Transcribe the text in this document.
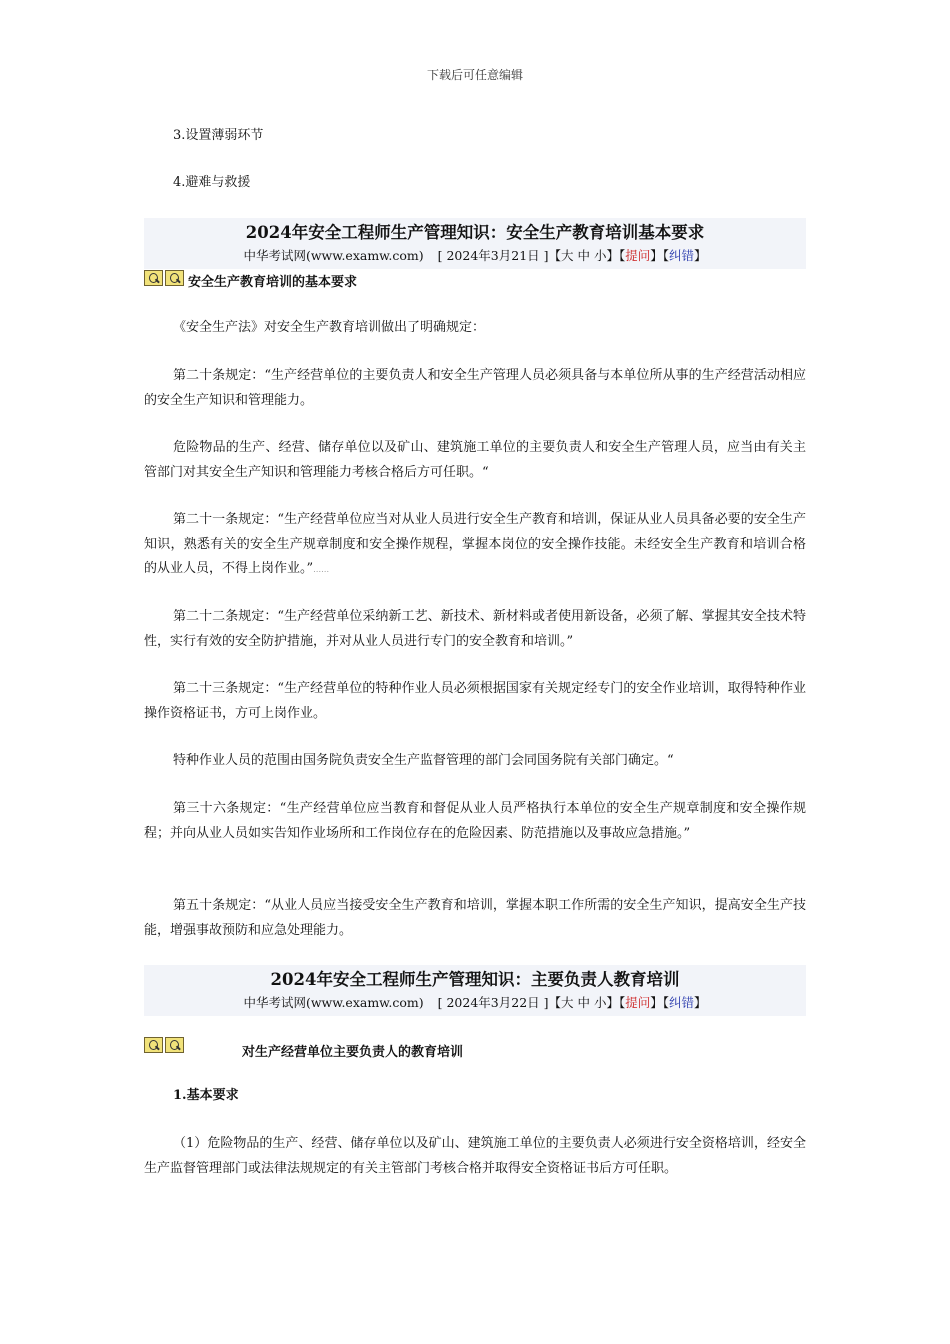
下载后可任意编辑

3.设置薄弱环节

4.避难与救援

2024年安全工程师生产管理知识：安全生产教育培训基本要求
中华考试网(www.examw.com) [ 2024年3月21日 ]【大 中 小】【提问】【纠错】
安全生产教育培训的基本要求

《安全生产法》对安全生产教育培训做出了明确规定：

第二十条规定：“生产经营单位的主要负责人和安全生产管理人员必须具备与本单位所从事的生产经营活动相应的安全生产知识和管理能力。

危险物品的生产、经营、储存单位以及矿山、建筑施工单位的主要负责人和安全生产管理人员，应当由有关主管部门对其安全生产知识和管理能力考核合格后方可任职。“

第二十一条规定：“生产经营单位应当对从业人员进行安全生产教育和培训，保证从业人员具备必要的安全生产知识，熟悉有关的安全生产规章制度和安全操作规程，掌握本岗位的安全操作技能。未经安全生产教育和培训合格的从业人员，不得上岗作业。”……

第二十二条规定：“生产经营单位采纳新工艺、新技术、新材料或者使用新设备，必须了解、掌握其安全技术特性，实行有效的安全防护措施，并对从业人员进行专门的安全教育和培训。”

第二十三条规定：“生产经营单位的特种作业人员必须根据国家有关规定经专门的安全作业培训，取得特种作业操作资格证书，方可上岗作业。

特种作业人员的范围由国务院负责安全生产监督管理的部门会同国务院有关部门确定。“

第三十六条规定：“生产经营单位应当教育和督促从业人员严格执行本单位的安全生产规章制度和安全操作规程；并向从业人员如实告知作业场所和工作岗位存在的危险因素、防范措施以及事故应急措施。”

第五十条规定：“从业人员应当接受安全生产教育和培训，掌握本职工作所需的安全生产知识，提高安全生产技能，增强事故预防和应急处理能力。

2024年安全工程师生产管理知识：主要负责人教育培训
中华考试网(www.examw.com) [ 2024年3月22日 ]【大 中 小】【提问】【纠错】
对生产经营单位主要负责人的教育培训

1.基本要求

（1）危险物品的生产、经营、储存单位以及矿山、建筑施工单位的主要负责人必须进行安全资格培训，经安全生产监督管理部门或法律法规规定的有关主管部门考核合格并取得安全资格证书后方可任职。
